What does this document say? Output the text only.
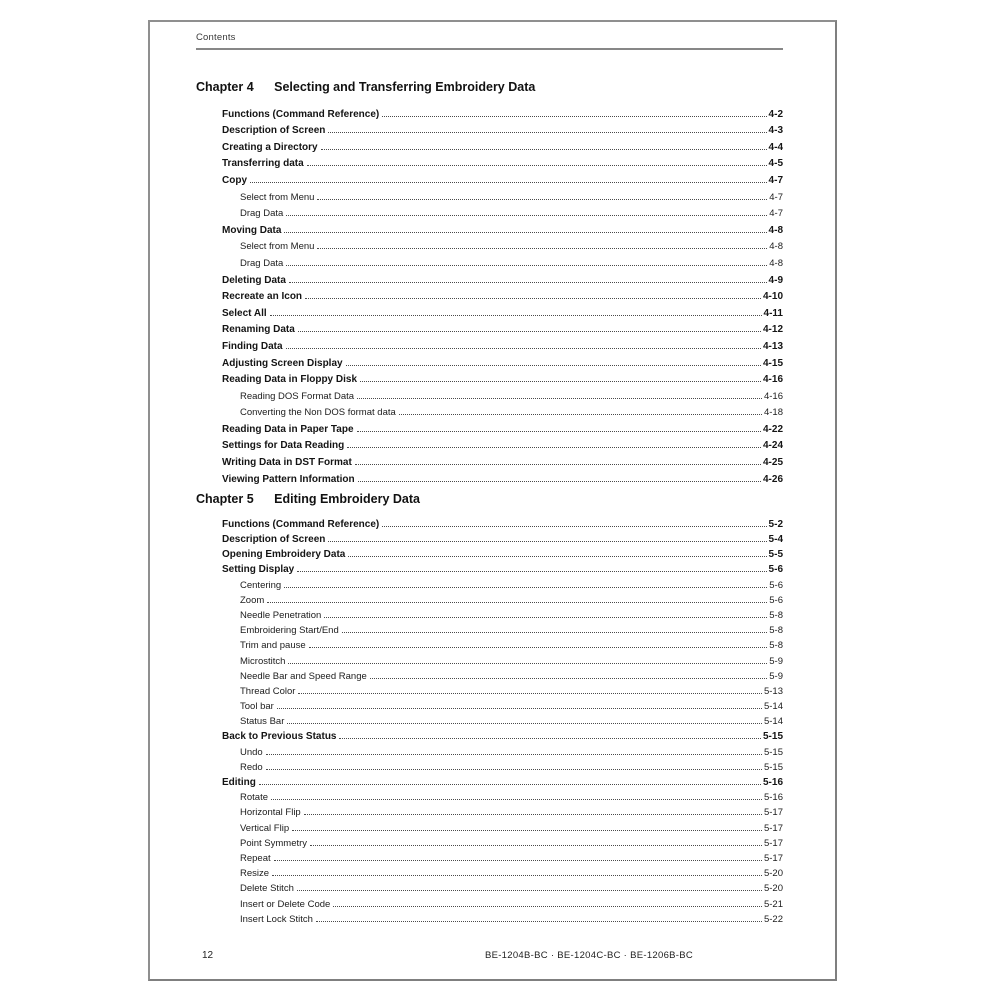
Contents
Chapter 4 Selecting and Transferring Embroidery Data
Functions (Command Reference)	4-2
Description of Screen	4-3
Creating a Directory	4-4
Transferring data	4-5
Copy	4-7
Select from Menu	4-7
Drag Data	4-7
Moving Data	4-8
Select from Menu	4-8
Drag Data	4-8
Deleting Data	4-9
Recreate an Icon	4-10
Select All	4-11
Renaming Data	4-12
Finding Data	4-13
Adjusting Screen Display	4-15
Reading Data in Floppy Disk	4-16
Reading DOS Format Data	4-16
Converting the Non DOS format data	4-18
Reading Data in Paper Tape	4-22
Settings for Data Reading	4-24
Writing Data in DST Format	4-25
Viewing Pattern Information	4-26
Chapter 5 Editing Embroidery Data
Functions (Command Reference)	5-2
Description of Screen	5-4
Opening Embroidery Data	5-5
Setting Display	5-6
Centering	5-6
Zoom	5-6
Needle Penetration	5-8
Embroidering Start/End	5-8
Trim and pause	5-8
Microstitch	5-9
Needle Bar and Speed Range	5-9
Thread Color	5-13
Tool bar	5-14
Status Bar	5-14
Back to Previous Status	5-15
Undo	5-15
Redo	5-15
Editing	5-16
Rotate	5-16
Horizontal Flip	5-17
Vertical Flip	5-17
Point Symmetry	5-17
Repeat	5-17
Resize	5-20
Delete Stitch	5-20
Insert or Delete Code	5-21
Insert Lock Stitch	5-22
12	BE-1204B-BC · BE-1204C-BC · BE-1206B-BC
